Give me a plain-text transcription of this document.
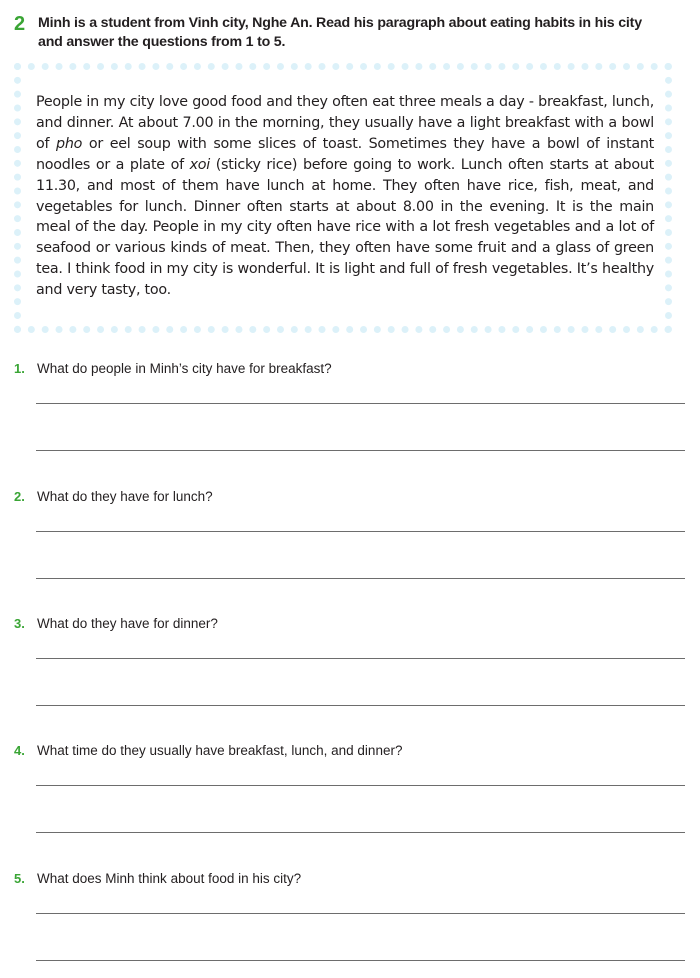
2 Minh is a student from Vinh city, Nghe An. Read his paragraph about eating habits in his city and answer the questions from 1 to 5.
People in my city love good food and they often eat three meals a day - breakfast, lunch, and dinner. At about 7.00 in the morning, they usually have a light breakfast with a bowl of pho or eel soup with some slices of toast. Sometimes they have a bowl of instant noodles or a plate of xoi (sticky rice) before going to work. Lunch often starts at about 11.30, and most of them have lunch at home. They often have rice, fish, meat, and vegetables for lunch. Dinner often starts at about 8.00 in the evening. It is the main meal of the day. People in my city often have rice with a lot fresh vegetables and a lot of seafood or various kinds of meat. Then, they often have some fruit and a glass of green tea. I think food in my city is wonderful. It is light and full of fresh vegetables. It’s healthy and very tasty, too.
1. What do people in Minh’s city have for breakfast?
2. What do they have for lunch?
3. What do they have for dinner?
4. What time do they usually have breakfast, lunch, and dinner?
5. What does Minh think about food in his city?
